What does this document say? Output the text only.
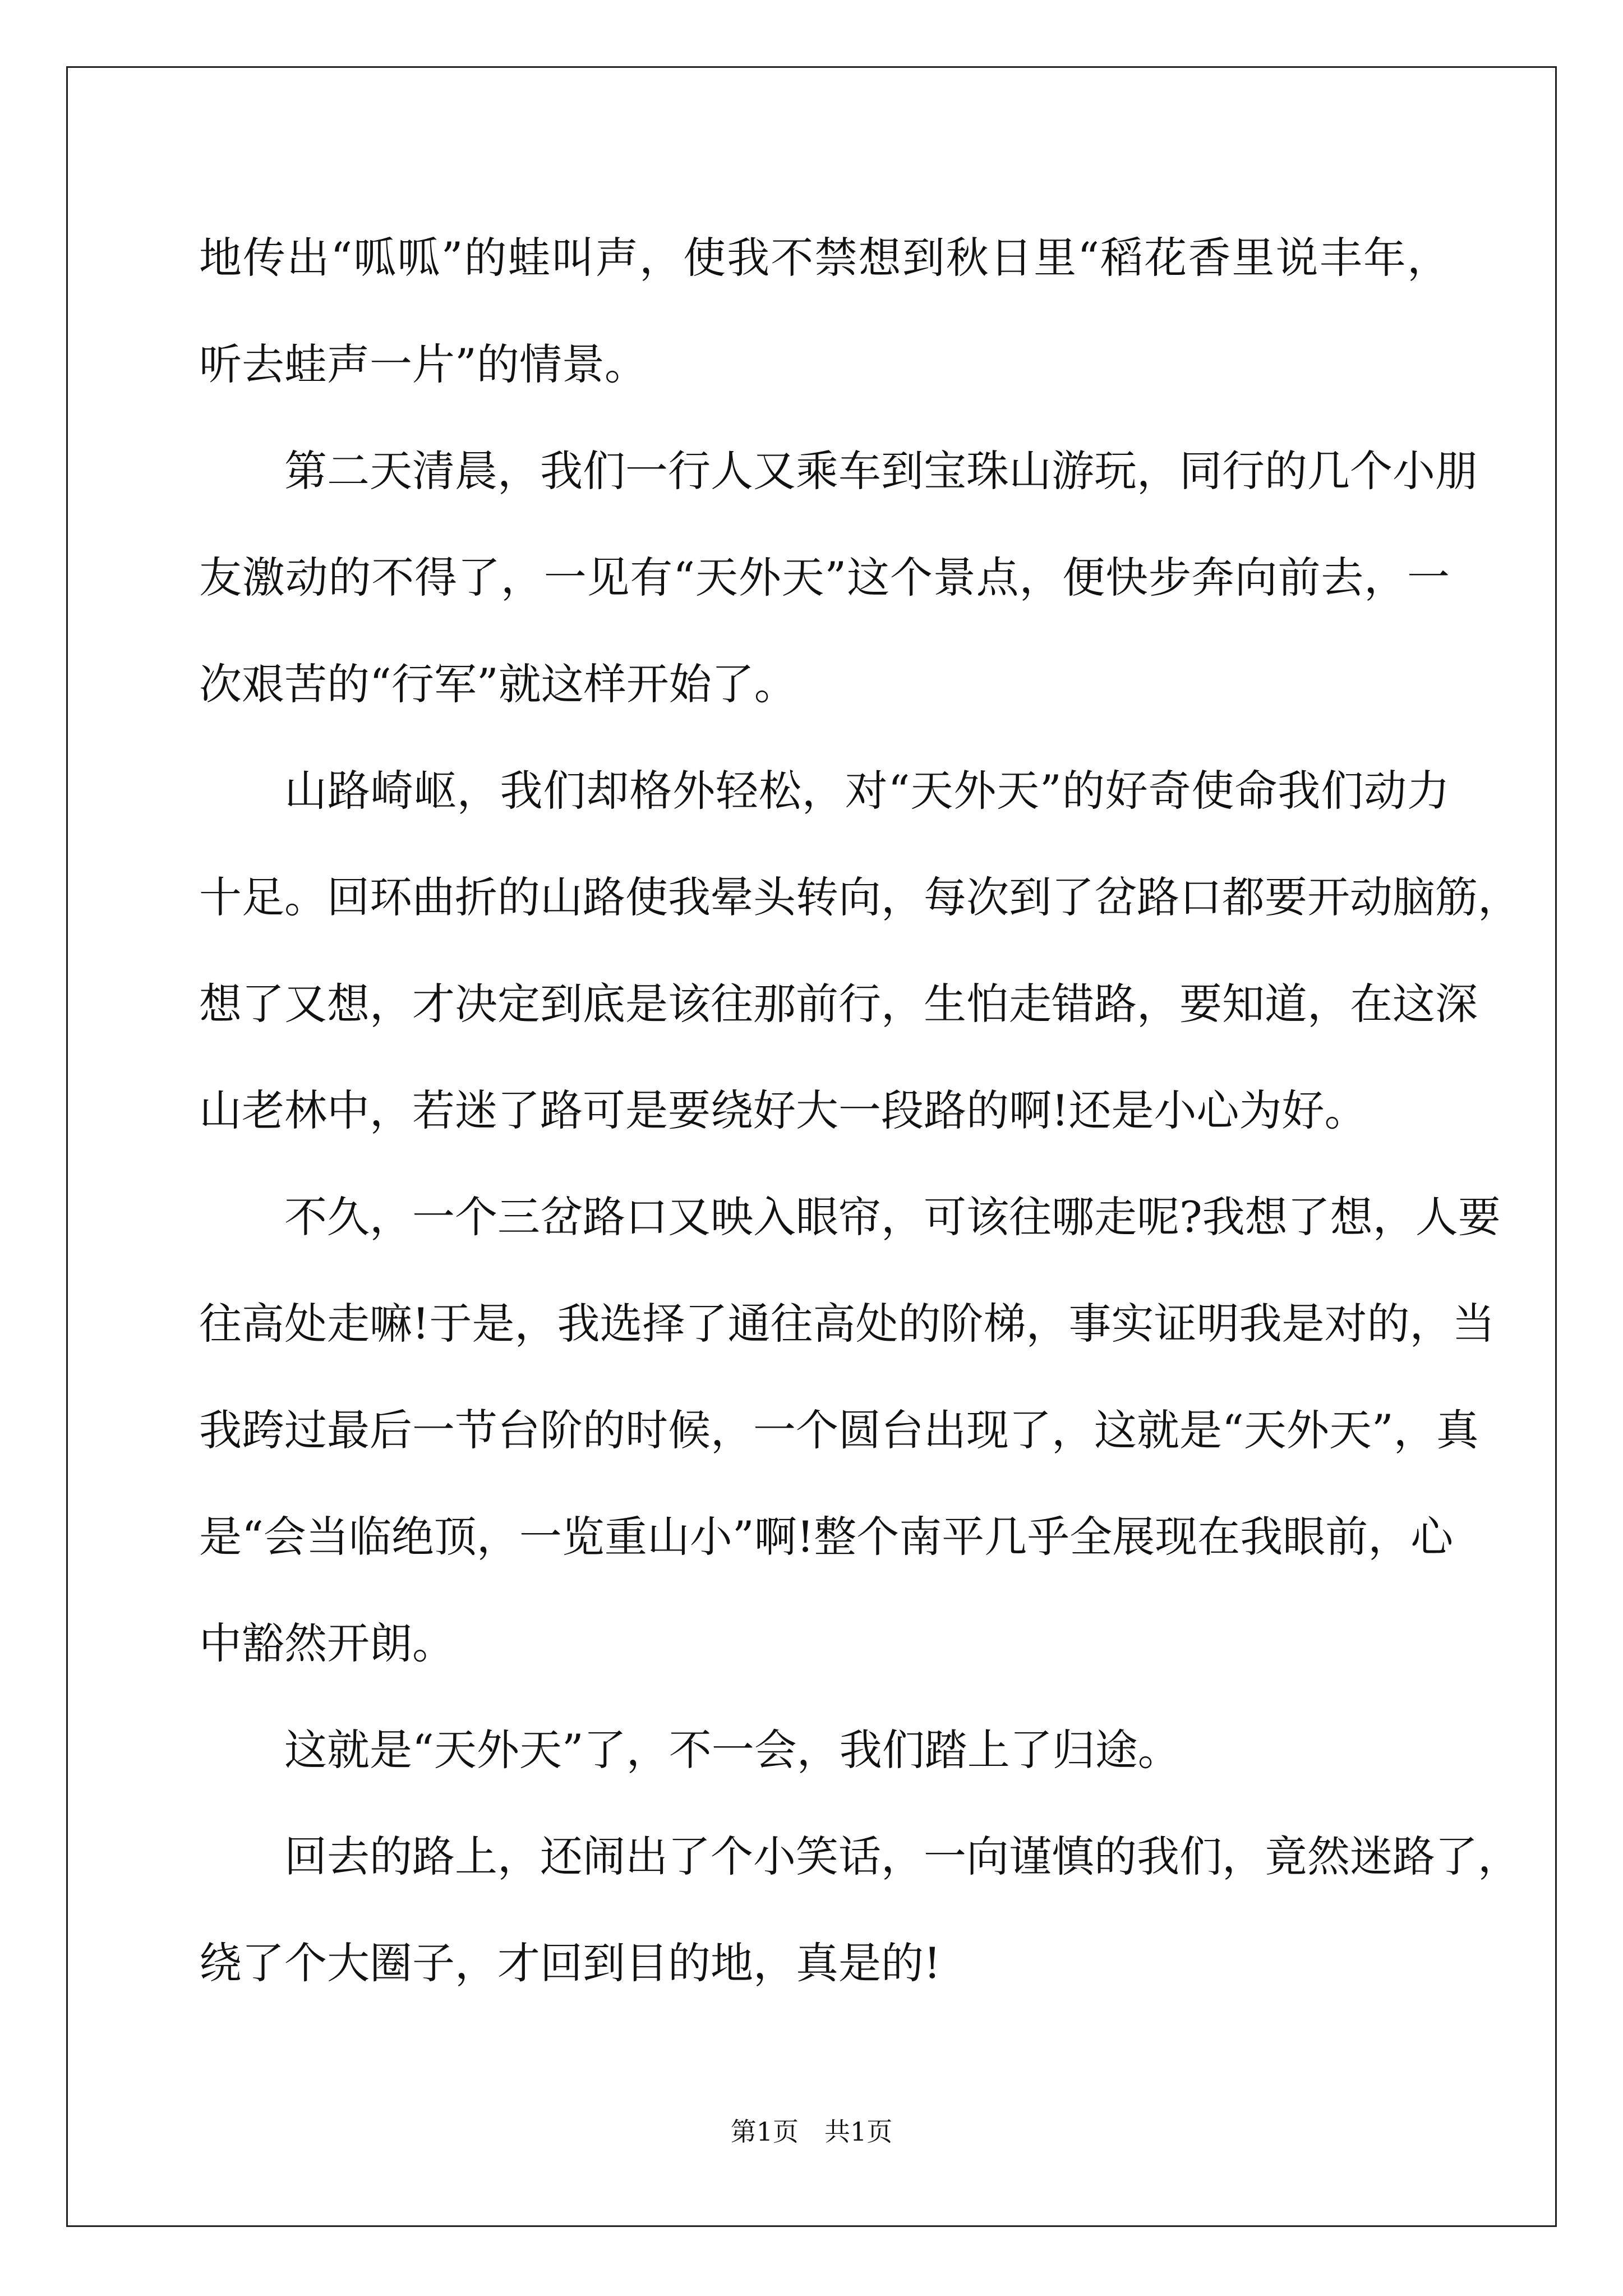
地传出“呱呱”的蛙叫声，使我不禁想到秋日里“稻花香里说丰年，
听去蛙声一片”的情景。
第二天清晨，我们一行人又乘车到宝珠山游玩，同行的几个小朋
友激动的不得了，一见有“天外天”这个景点，便快步奔向前去，一
次艰苦的“行军”就这样开始了。
山路崎岖，我们却格外轻松，对“天外天”的好奇使命我们动力
十足。回环曲折的山路使我晕头转向，每次到了岔路口都要开动脑筋，
想了又想，才决定到底是该往那前行，生怕走错路，要知道，在这深
山老林中，若迷了路可是要绕好大一段路的啊!还是小心为好。
不久，一个三岔路口又映入眼帘，可该往哪走呢?我想了想，人要
往高处走嘛!于是，我选择了通往高处的阶梯，事实证明我是对的，当
我跨过最后一节台阶的时候，一个圆台出现了，这就是“天外天”，真
是“会当临绝顶，一览重山小”啊!整个南平几乎全展现在我眼前，心
中豁然开朗。
这就是“天外天”了，不一会，我们踏上了归途。
回去的路上，还闹出了个小笑话，一向谨慎的我们，竟然迷路了，
绕了个大圈子，才回到目的地，真是的!
第1页 共1页
